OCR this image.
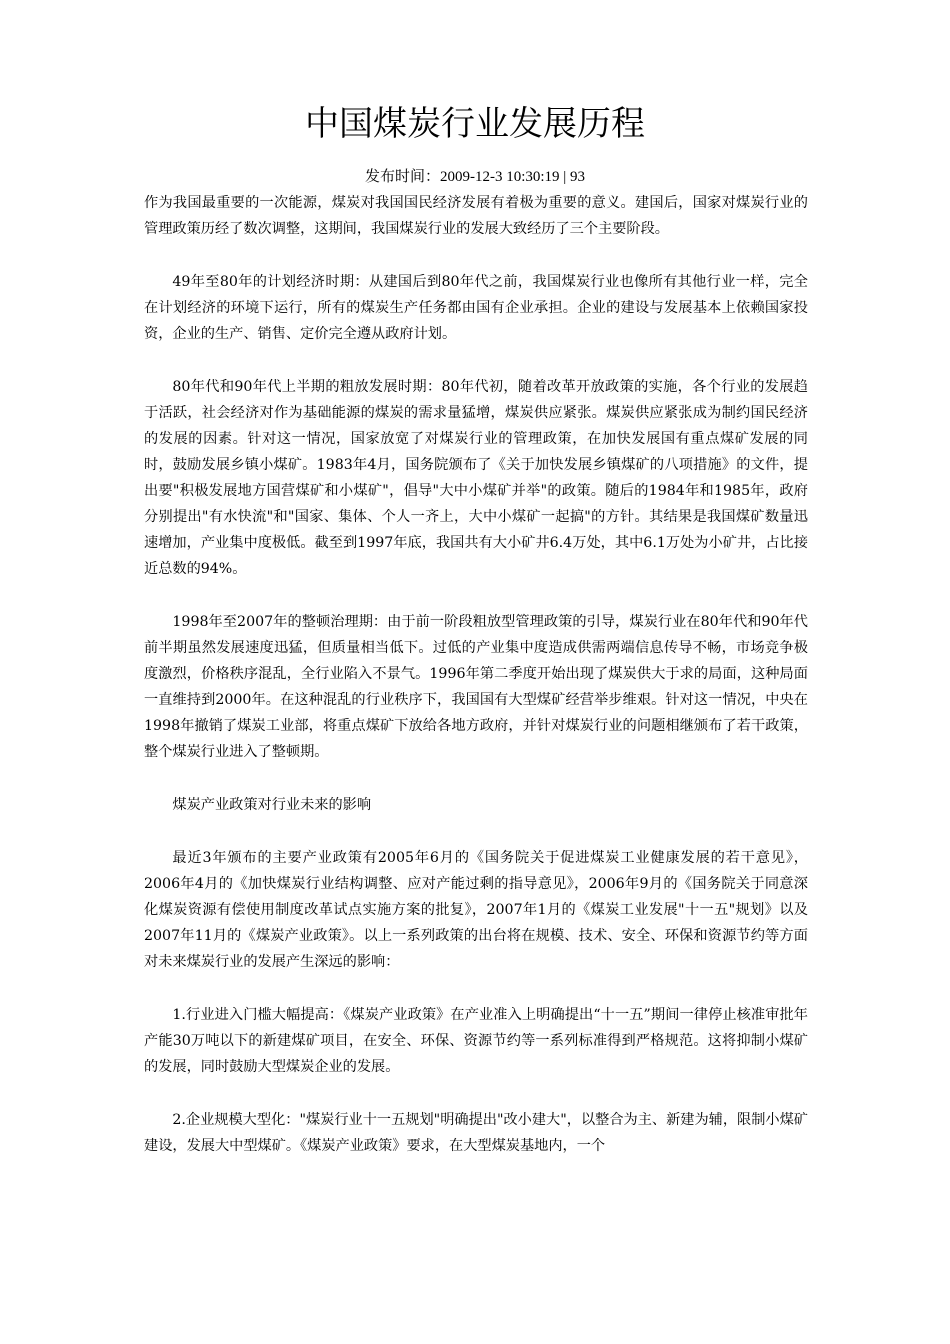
中国煤炭行业发展历程
发布时间：2009-12-3 10:30:19 | 93

作为我国最重要的一次能源，煤炭对我国国民经济发展有着极为重要的意义。建国后，国家对煤炭行业的管理政策历经了数次调整，这期间，我国煤炭行业的发展大致经历了三个主要阶段。

49年至80年的计划经济时期：从建国后到80年代之前，我国煤炭行业也像所有其他行业一样，完全在计划经济的环境下运行，所有的煤炭生产任务都由国有企业承担。企业的建设与发展基本上依赖国家投资，企业的生产、销售、定价完全遵从政府计划。

80年代和90年代上半期的粗放发展时期：80年代初，随着改革开放政策的实施，各个行业的发展趋于活跃，社会经济对作为基础能源的煤炭的需求量猛增，煤炭供应紧张。煤炭供应紧张成为制约国民经济的发展的因素。针对这一情况，国家放宽了对煤炭行业的管理政策，在加快发展国有重点煤矿发展的同时，鼓励发展乡镇小煤矿。1983年4月，国务院颁布了《关于加快发展乡镇煤矿的八项措施》的文件，提出要"积极发展地方国营煤矿和小煤矿"，倡导"大中小煤矿并举"的政策。随后的1984年和1985年，政府分别提出"有水快流"和"国家、集体、个人一齐上，大中小煤矿一起搞"的方针。其结果是我国煤矿数量迅速增加，产业集中度极低。截至到1997年底，我国共有大小矿井6.4万处，其中6.1万处为小矿井，占比接近总数的94%。

1998年至2007年的整顿治理期：由于前一阶段粗放型管理政策的引导，煤炭行业在80年代和90年代前半期虽然发展速度迅猛，但质量相当低下。过低的产业集中度造成供需两端信息传导不畅，市场竞争极度激烈，价格秩序混乱，全行业陷入不景气。1996年第二季度开始出现了煤炭供大于求的局面，这种局面一直维持到2000年。在这种混乱的行业秩序下，我国国有大型煤矿经营举步维艰。针对这一情况，中央在1998年撤销了煤炭工业部，将重点煤矿下放给各地方政府，并针对煤炭行业的问题相继颁布了若干政策，整个煤炭行业进入了整顿期。

煤炭产业政策对行业未来的影响

最近3年颁布的主要产业政策有2005年6月的《国务院关于促进煤炭工业健康发展的若干意见》，2006年4月的《加快煤炭行业结构调整、应对产能过剩的指导意见》，2006年9月的《国务院关于同意深化煤炭资源有偿使用制度改革试点实施方案的批复》，2007年1月的《煤炭工业发展"十一五"规划》以及2007年11月的《煤炭产业政策》。以上一系列政策的出台将在规模、技术、安全、环保和资源节约等方面对未来煤炭行业的发展产生深远的影响：

1.行业进入门槛大幅提高：《煤炭产业政策》在产业准入上明确提出“十一五”期间一律停止核准审批年产能30万吨以下的新建煤矿项目，在安全、环保、资源节约等一系列标准得到严格规范。这将抑制小煤矿的发展，同时鼓励大型煤炭企业的发展。

2.企业规模大型化："煤炭行业十一五规划"明确提出"改小建大"，以整合为主、新建为辅，限制小煤矿建设，发展大中型煤矿。《煤炭产业政策》要求，在大型煤炭基地内，一个
